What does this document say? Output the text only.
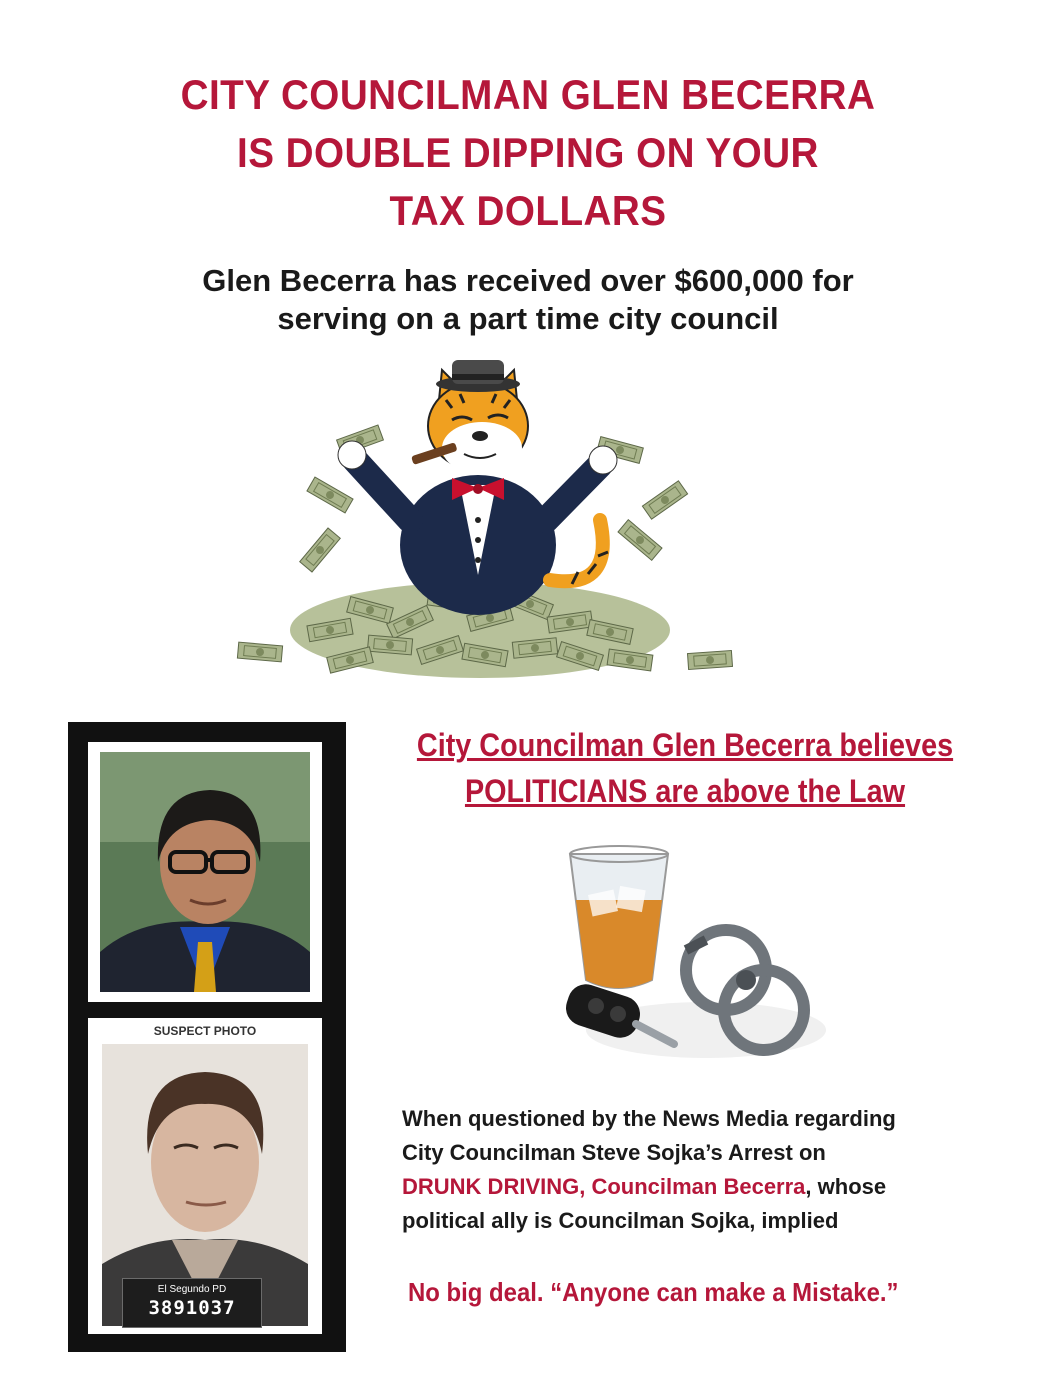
CITY COUNCILMAN GLEN BECERRA
IS DOUBLE DIPPING ON YOUR
TAX DOLLARS
Glen Becerra has received over $600,000 for
serving on a part time city council
SUSPECT PHOTO
El Segundo PD
3891037
City Councilman Glen Becerra believes
POLITICIANS are above the Law
When questioned by the News Media regarding
City Councilman Steve Sojka’s Arrest on
DRUNK DRIVING, Councilman Becerra, whose
political ally is Councilman Sojka, implied
No big deal. “Anyone can make a Mistake.”
